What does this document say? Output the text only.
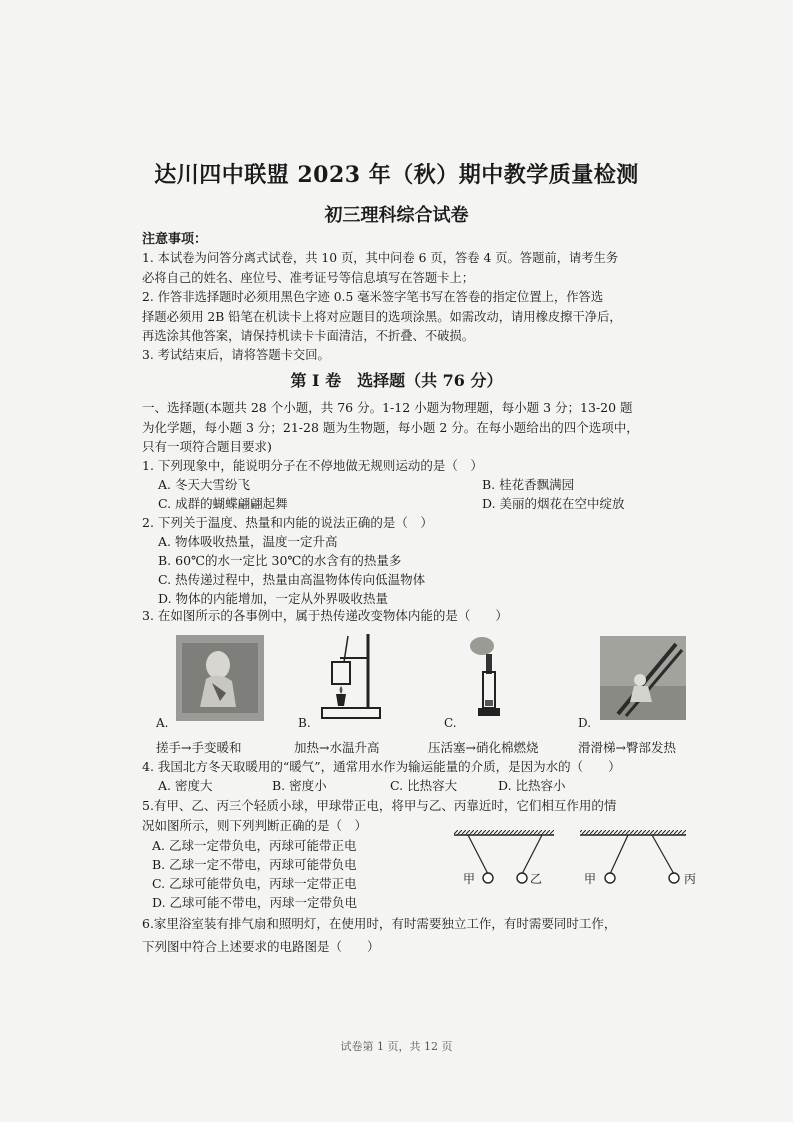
达川四中联盟 2023 年（秋）期中教学质量检测
初三理科综合试卷
注意事项：
1. 本试卷为问答分离式试卷，共 10 页，其中问卷 6 页，答卷 4 页。答题前，请考生务
必将自己的姓名、座位号、准考证号等信息填写在答题卡上；
2. 作答非选择题时必须用黑色字迹 0.5 毫米签字笔书写在答卷的指定位置上，作答选
择题必须用 2B 铅笔在机读卡上将对应题目的选项涂黑。如需改动，请用橡皮擦干净后，
再选涂其他答案，请保持机读卡卡面清洁，不折叠、不破损。
3. 考试结束后，请将答题卡交回。
第 I 卷　选择题（共 76 分）
一、选择题(本题共 28 个小题，共 76 分。1-12 小题为物理题，每小题 3 分；13-20 题
为化学题，每小题 3 分；21-28 题为生物题，每小题 2 分。在每小题给出的四个选项中，
只有一项符合题目要求)
1. 下列现象中，能说明分子在不停地做无规则运动的是（　）
A. 冬天大雪纷飞	B. 桂花香飘满园
C. 成群的蝴蝶翩翩起舞	D. 美丽的烟花在空中绽放
2. 下列关于温度、热量和内能的说法正确的是（　）
A. 物体吸收热量，温度一定升高
B. 60℃的水一定比 30℃的水含有的热量多
C. 热传递过程中，热量由高温物体传向低温物体
D. 物体的内能增加，一定从外界吸收热量
3. 在如图所示的各事例中，属于热传递改变物体内能的是（　　）
A.	B.	C.	D.
搓手→手变暖和	加热→水温升高	压活塞→硝化棉燃烧	滑滑梯→臀部发热
4. 我国北方冬天取暖用的“暖气”，通常用水作为输运能量的介质，是因为水的（　　）
A. 密度大	B. 密度小	C. 比热容大	D. 比热容小
5.有甲、乙、丙三个轻质小球，甲球带正电，将甲与乙、丙靠近时，它们相互作用的情
况如图所示，则下列判断正确的是（　）
A. 乙球一定带负电，丙球可能带正电
B. 乙球一定不带电，丙球可能带负电
C. 乙球可能带负电，丙球一定带正电
D. 乙球可能不带电，丙球一定带负电
甲	乙	甲	丙
6.家里浴室装有排气扇和照明灯，在使用时，有时需要独立工作，有时需要同时工作，
下列图中符合上述要求的电路图是（　　）
试卷第 1 页，共 12 页
